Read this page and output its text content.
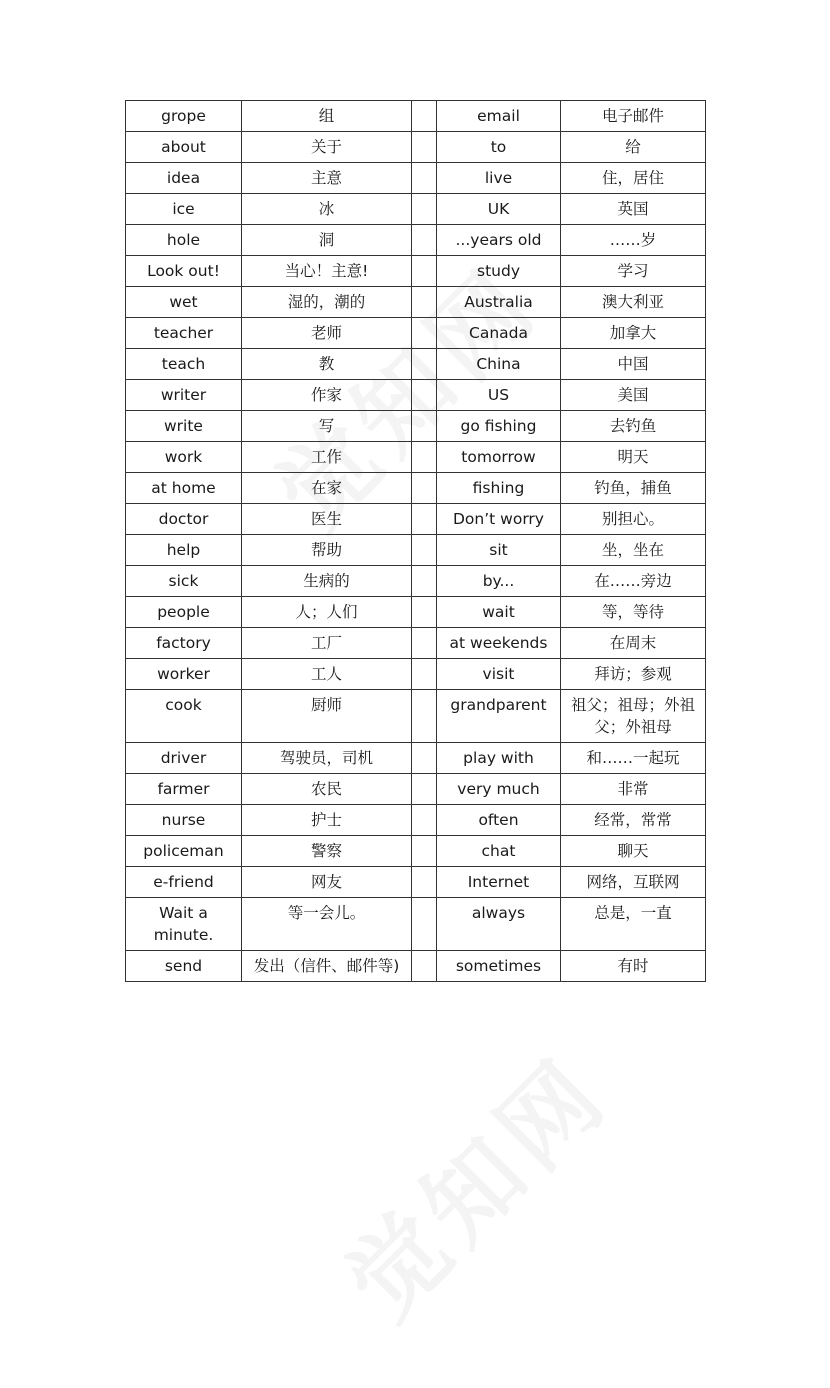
grope	组		email	电子邮件
about	关于		to	给
idea	主意		live	住，居住
ice	冰		UK	英国
hole	洞		...years old	……岁
Look out!	当心！主意!		study	学习
wet	湿的，潮的		Australia	澳大利亚
teacher	老师		Canada	加拿大
teach	教		China	中国
writer	作家		US	美国
write	写		go fishing	去钓鱼
work	工作		tomorrow	明天
at home	在家		fishing	钓鱼，捕鱼
doctor	医生		Don’t worry	别担心。
help	帮助		sit	坐，坐在
sick	生病的		by...	在……旁边
people	人；人们		wait	等，等待
factory	工厂		at weekends	在周末
worker	工人		visit	拜访；参观
cook	厨师		grandparent	祖父；祖母；外祖父；外祖母
driver	驾驶员，司机		play with	和……一起玩
farmer	农民		very much	非常
nurse	护士		often	经常，常常
policeman	警察		chat	聊天
e-friend	网友		Internet	网络，互联网
Wait a minute.	等一会儿。		always	总是，一直
send	发出（信件、邮件等)		sometimes	有时
